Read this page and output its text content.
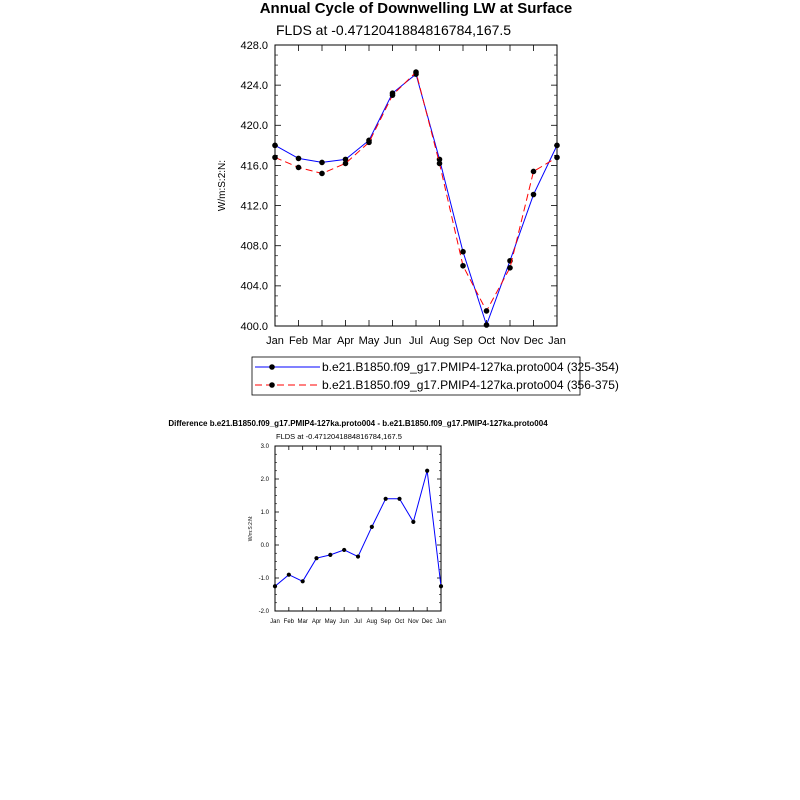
Annual Cycle of Downwelling LW at Surface
FLDS at -0.4712041884816784,167.5
Difference b.e21.B1850.f09_g17.PMIP4-127ka.proto004 - b.e21.B1850.f09_g17.PMIP4-127ka.proto004
FLDS at -0.4712041884816784,167.5
Jan Feb Mar Apr May Jun Jul Aug Sep Oct Nov Dec Jan
400.0
404.0
408.0
412.0
416.0
420.0
424.0
428.0
W/m:S:2:N:
b.e21.B1850.f09_g17.PMIP4-127ka.proto004 (325-354)
b.e21.B1850.f09_g17.PMIP4-127ka.proto004 (356-375)
Jan Feb Mar Apr May Jun Jul Aug Sep Oct Nov Dec Jan
-2.0
-1.0
0.0
1.0
2.0
3.0
W/m:S:2:N:
